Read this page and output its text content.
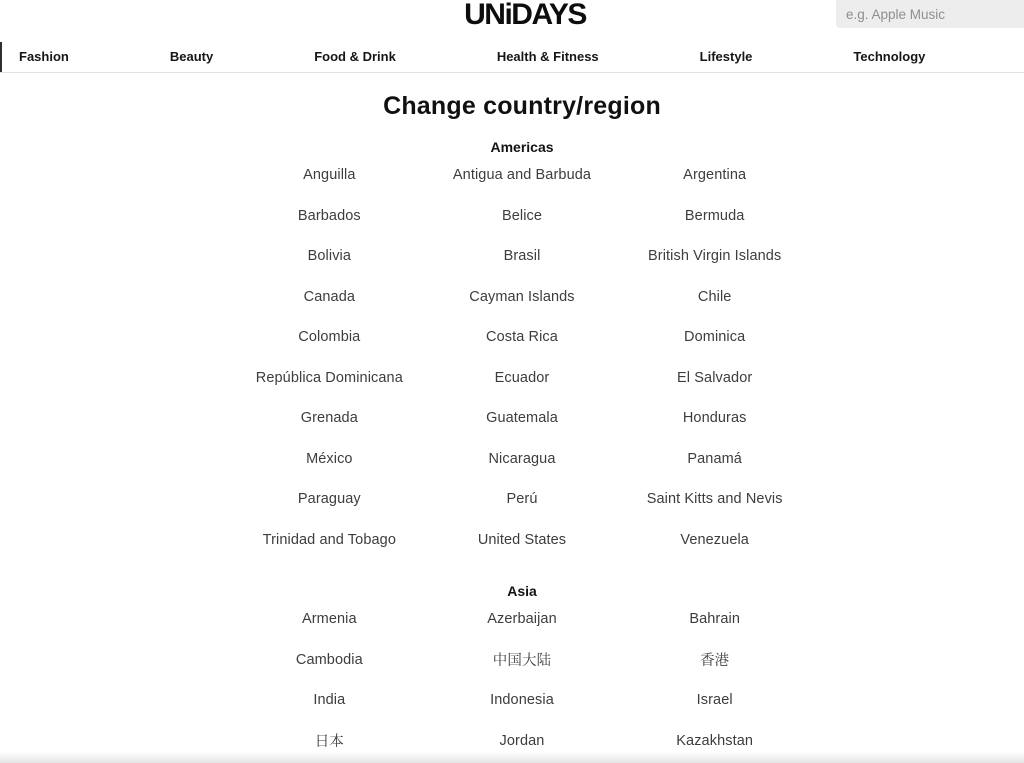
UNiDAYS
e.g. Apple Music
Fashion	Beauty	Food & Drink	Health & Fitness	Lifestyle	Technology
Change country/region
Americas
Anguilla	Antigua and Barbuda	Argentina
Barbados	Belice	Bermuda
Bolivia	Brasil	British Virgin Islands
Canada	Cayman Islands	Chile
Colombia	Costa Rica	Dominica
República Dominicana	Ecuador	El Salvador
Grenada	Guatemala	Honduras
México	Nicaragua	Panamá
Paraguay	Perú	Saint Kitts and Nevis
Trinidad and Tobago	United States	Venezuela
Asia
Armenia	Azerbaijan	Bahrain
Cambodia	中国大陆	香港
India	Indonesia	Israel
日本	Jordan	Kazakhstan
